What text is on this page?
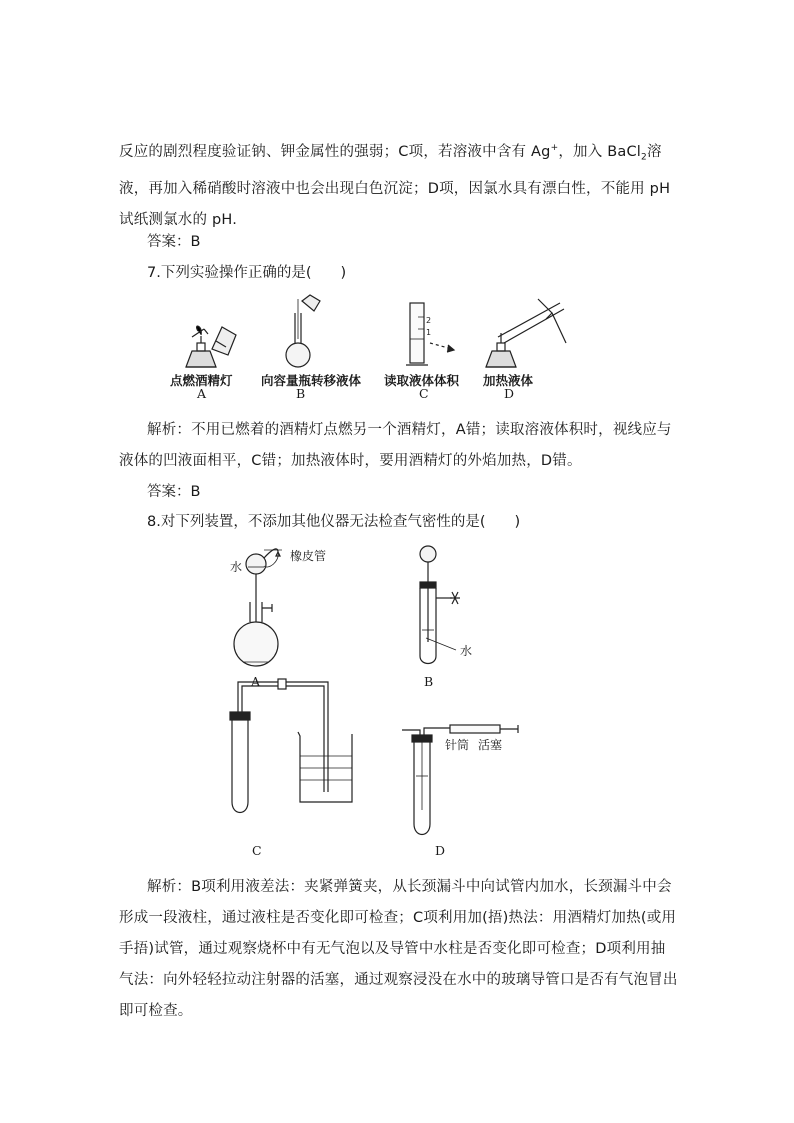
反应的剧烈程度验证钠、钾金属性的强弱；C项，若溶液中含有 Ag+，加入 BaCl$_2$溶液，再加入稀硝酸时溶液中也会出现白色沉淀；D项，因氯水具有漂白性，不能用 pH 试纸测氯水的 pH.
答案：B
7.下列实验操作正确的是(　　)
2
1
点燃酒精灯 向容量瓶转移液体 读取液体体积 加热液体
A	B	C	D
解析：不用已燃着的酒精灯点燃另一个酒精灯，A错；读取溶液体积时，视线应与液体的凹液面相平，C错；加热液体时，要用酒精灯的外焰加热，D错。
答案：B
8.对下列装置，不添加其他仪器无法检查气密性的是(　　)
水
橡皮管
水
针筒 活塞
A	B
C	D
解析：B项利用液差法：夹紧弹簧夹，从长颈漏斗中向试管内加水，长颈漏斗中会形成一段液柱，通过液柱是否变化即可检查；C项利用加(捂)热法：用酒精灯加热(或用手捂)试管，通过观察烧杯中有无气泡以及导管中水柱是否变化即可检查；D项利用抽气法：向外轻轻拉动注射器的活塞，通过观察浸没在水中的玻璃导管口是否有气泡冒出即可检查。
